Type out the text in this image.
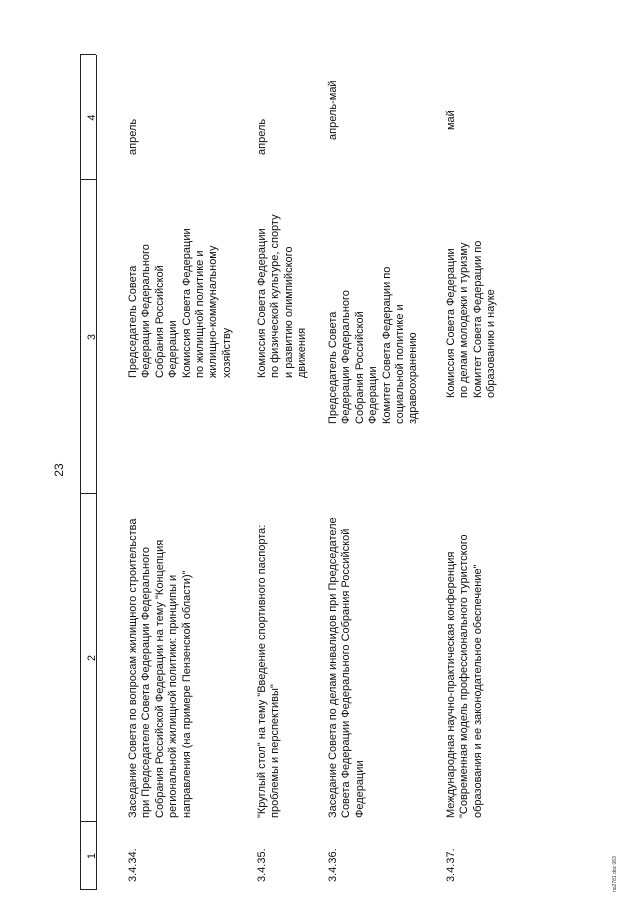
23
1
2
3
4
3.4.34.
Заседание Совета по вопросам жилищного строительства
при Председателе Совета Федерации Федерального
Собрания Российской Федерации на тему "Концепция
региональной жилищной политики: принципы и
направления (на примере Пензенской области)"
Председатель Совета
Федерации Федерального
Собрания Российской
Федерации
Комиссия Совета Федерации
по жилищной политике и
жилищно-коммунальному
хозяйству
апрель
3.4.35.
"Круглый стол" на тему "Введение спортивного паспорта:
проблемы и перспективы"
Комиссия Совета Федерации
по физической культуре, спорту
и развитию олимпийского
движения
апрель
3.4.36.
Заседание Совета по делам инвалидов при Председателе
Совета Федерации Федерального Собрания Российской
Федерации
Председатель Совета
Федерации Федерального
Собрания Российской
Федерации
Комитет Совета Федерации по
социальной политике и
здравоохранению
апрель-май
3.4.37.
Международная научно-практическая конференция
"Современная модель профессионального туристского
образования и ее законодательное обеспечение"
Комиссия Совета Федерации
по делам молодежи и туризму
Комитет Совета Федерации по
образованию и науке
май
nо2781.doc 063
